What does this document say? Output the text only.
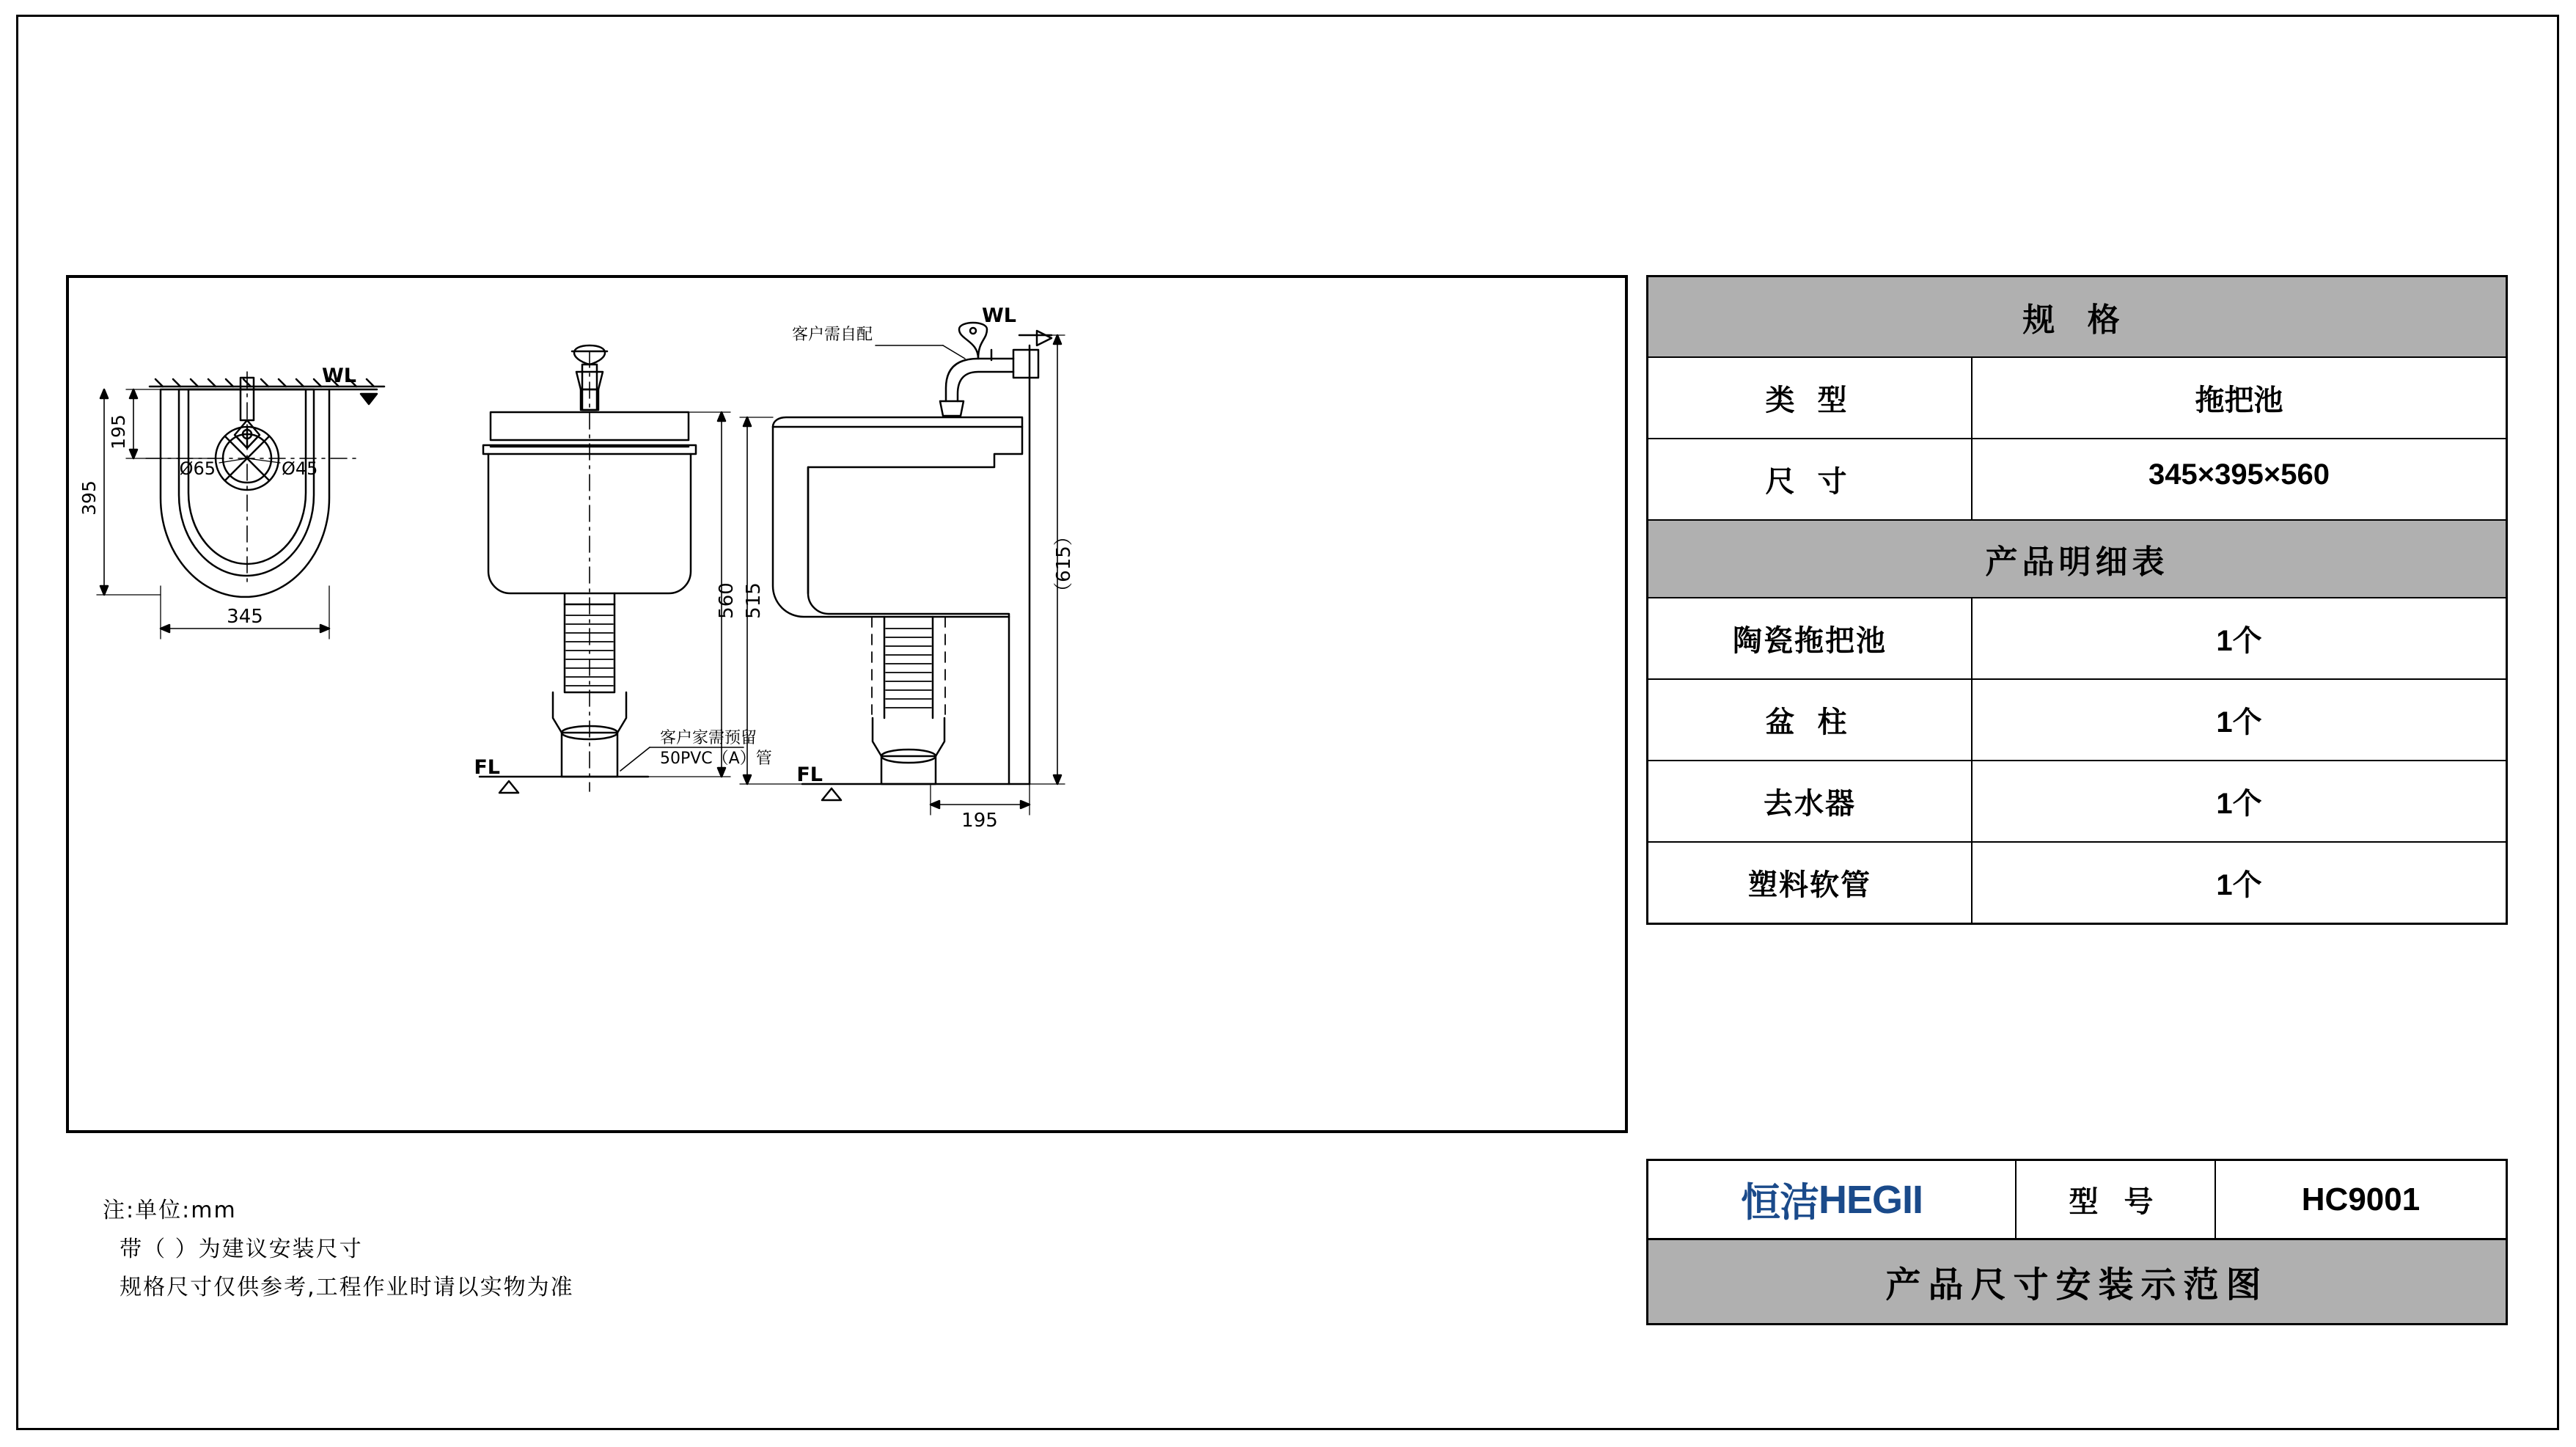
195
395
345
Ø65	Ø45
WL
560
FL
客户家需预留
50PVC（A）管
515	（615）
195
FL
WL
客户需自配	规 格
类 型	拖把池
尺 寸	345×395×560
产品明细表
陶瓷拖把池	1个
盆 柱	1个
去水器	1个
塑料软管	1个
恒洁 HEGII	型 号	HC9001
产品尺寸安装示范图
注:单位:mm
带（ ）为建议安装尺寸
规格尺寸仅供参考,工程作业时请以实物为准
